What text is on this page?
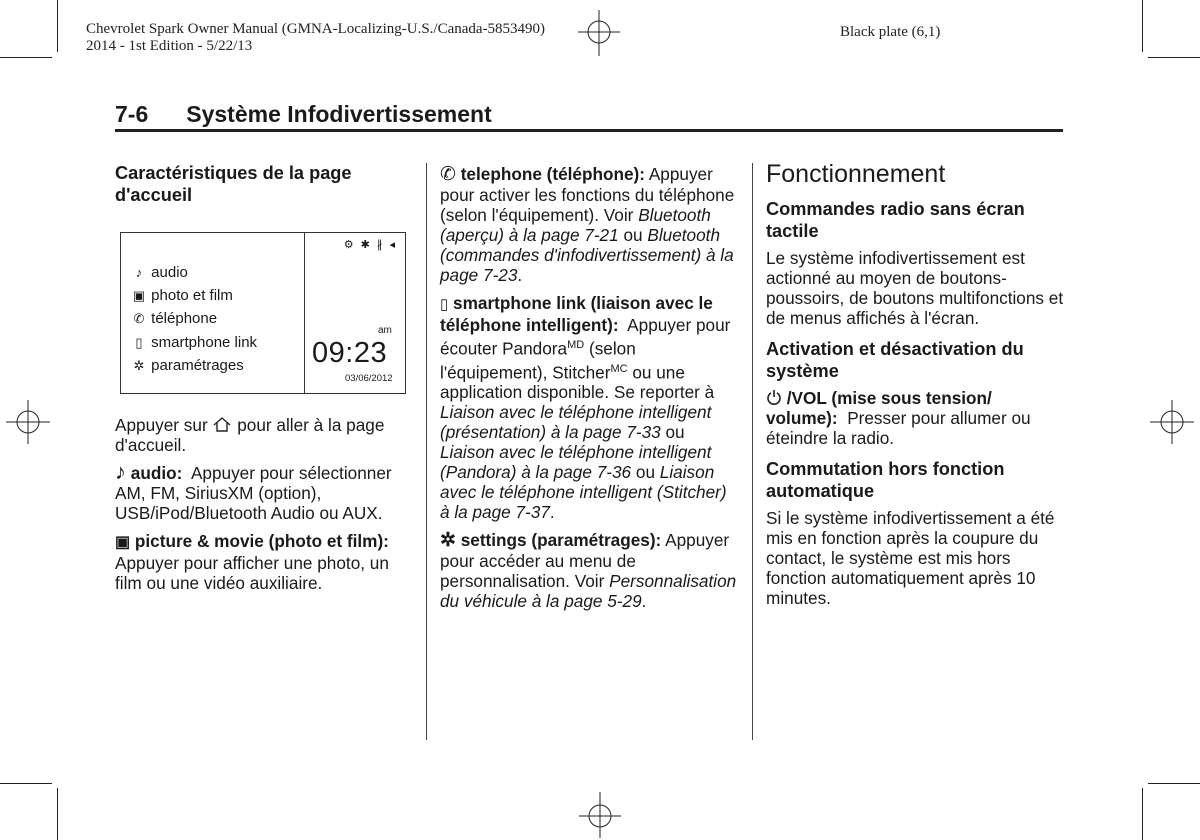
Chevrolet Spark Owner Manual (GMNA-Localizing-U.S./Canada-5853490)
2014 - 1st Edition - 5/22/13
Black plate (6,1)
7-6 Système Infodivertissement

Caractéristiques de la page d'accueil

⚙ ✱ ∦ ◂
♪ audio
▣ photo et film
✆ téléphone
▯ smartphone link
✲ paramétrages
am
09:23
03/06/2012

Appuyer sur pour aller à la page d'accueil.

♪ audio: Appuyer pour sélectionner AM, FM, SiriusXM (option), USB/iPod/Bluetooth Audio ou AUX.

▣ picture & movie (photo et film):  Appuyer pour afficher une photo, un film ou une vidéo auxiliaire.

✆ telephone (téléphone): Appuyer pour activer les fonctions du téléphone (selon l'équipement). Voir Bluetooth (aperçu) à la page 7-21 ou Bluetooth (commandes d'infodivertissement) à la page 7-23.

▯ smartphone link (liaison avec le téléphone intelligent): Appuyer pour écouter Pandora$^{MD}$ (selon l'équipement), Stitcher$^{MC}$ ou une application disponible. Se reporter à Liaison avec le téléphone intelligent (présentation) à la page 7-33 ou Liaison avec le téléphone intelligent (Pandora) à la page 7-36 ou Liaison avec le téléphone intelligent (Stitcher) à la page 7-37.

✲ settings (paramétrages): Appuyer pour accéder au menu de personnalisation. Voir Personnalisation du véhicule à la page 5-29.

Fonctionnement

Commandes radio sans écran tactile

Le système infodivertissement est actionné au moyen de boutons-poussoirs, de boutons multifonctions et de menus affichés à l'écran.

Activation et désactivation du système

/VOL (mise sous tension/ volume): Presser pour allumer ou éteindre la radio.

Commutation hors fonction automatique

Si le système infodivertissement a été mis en fonction après la coupure du contact, le système est mis hors fonction automatiquement après 10 minutes.
